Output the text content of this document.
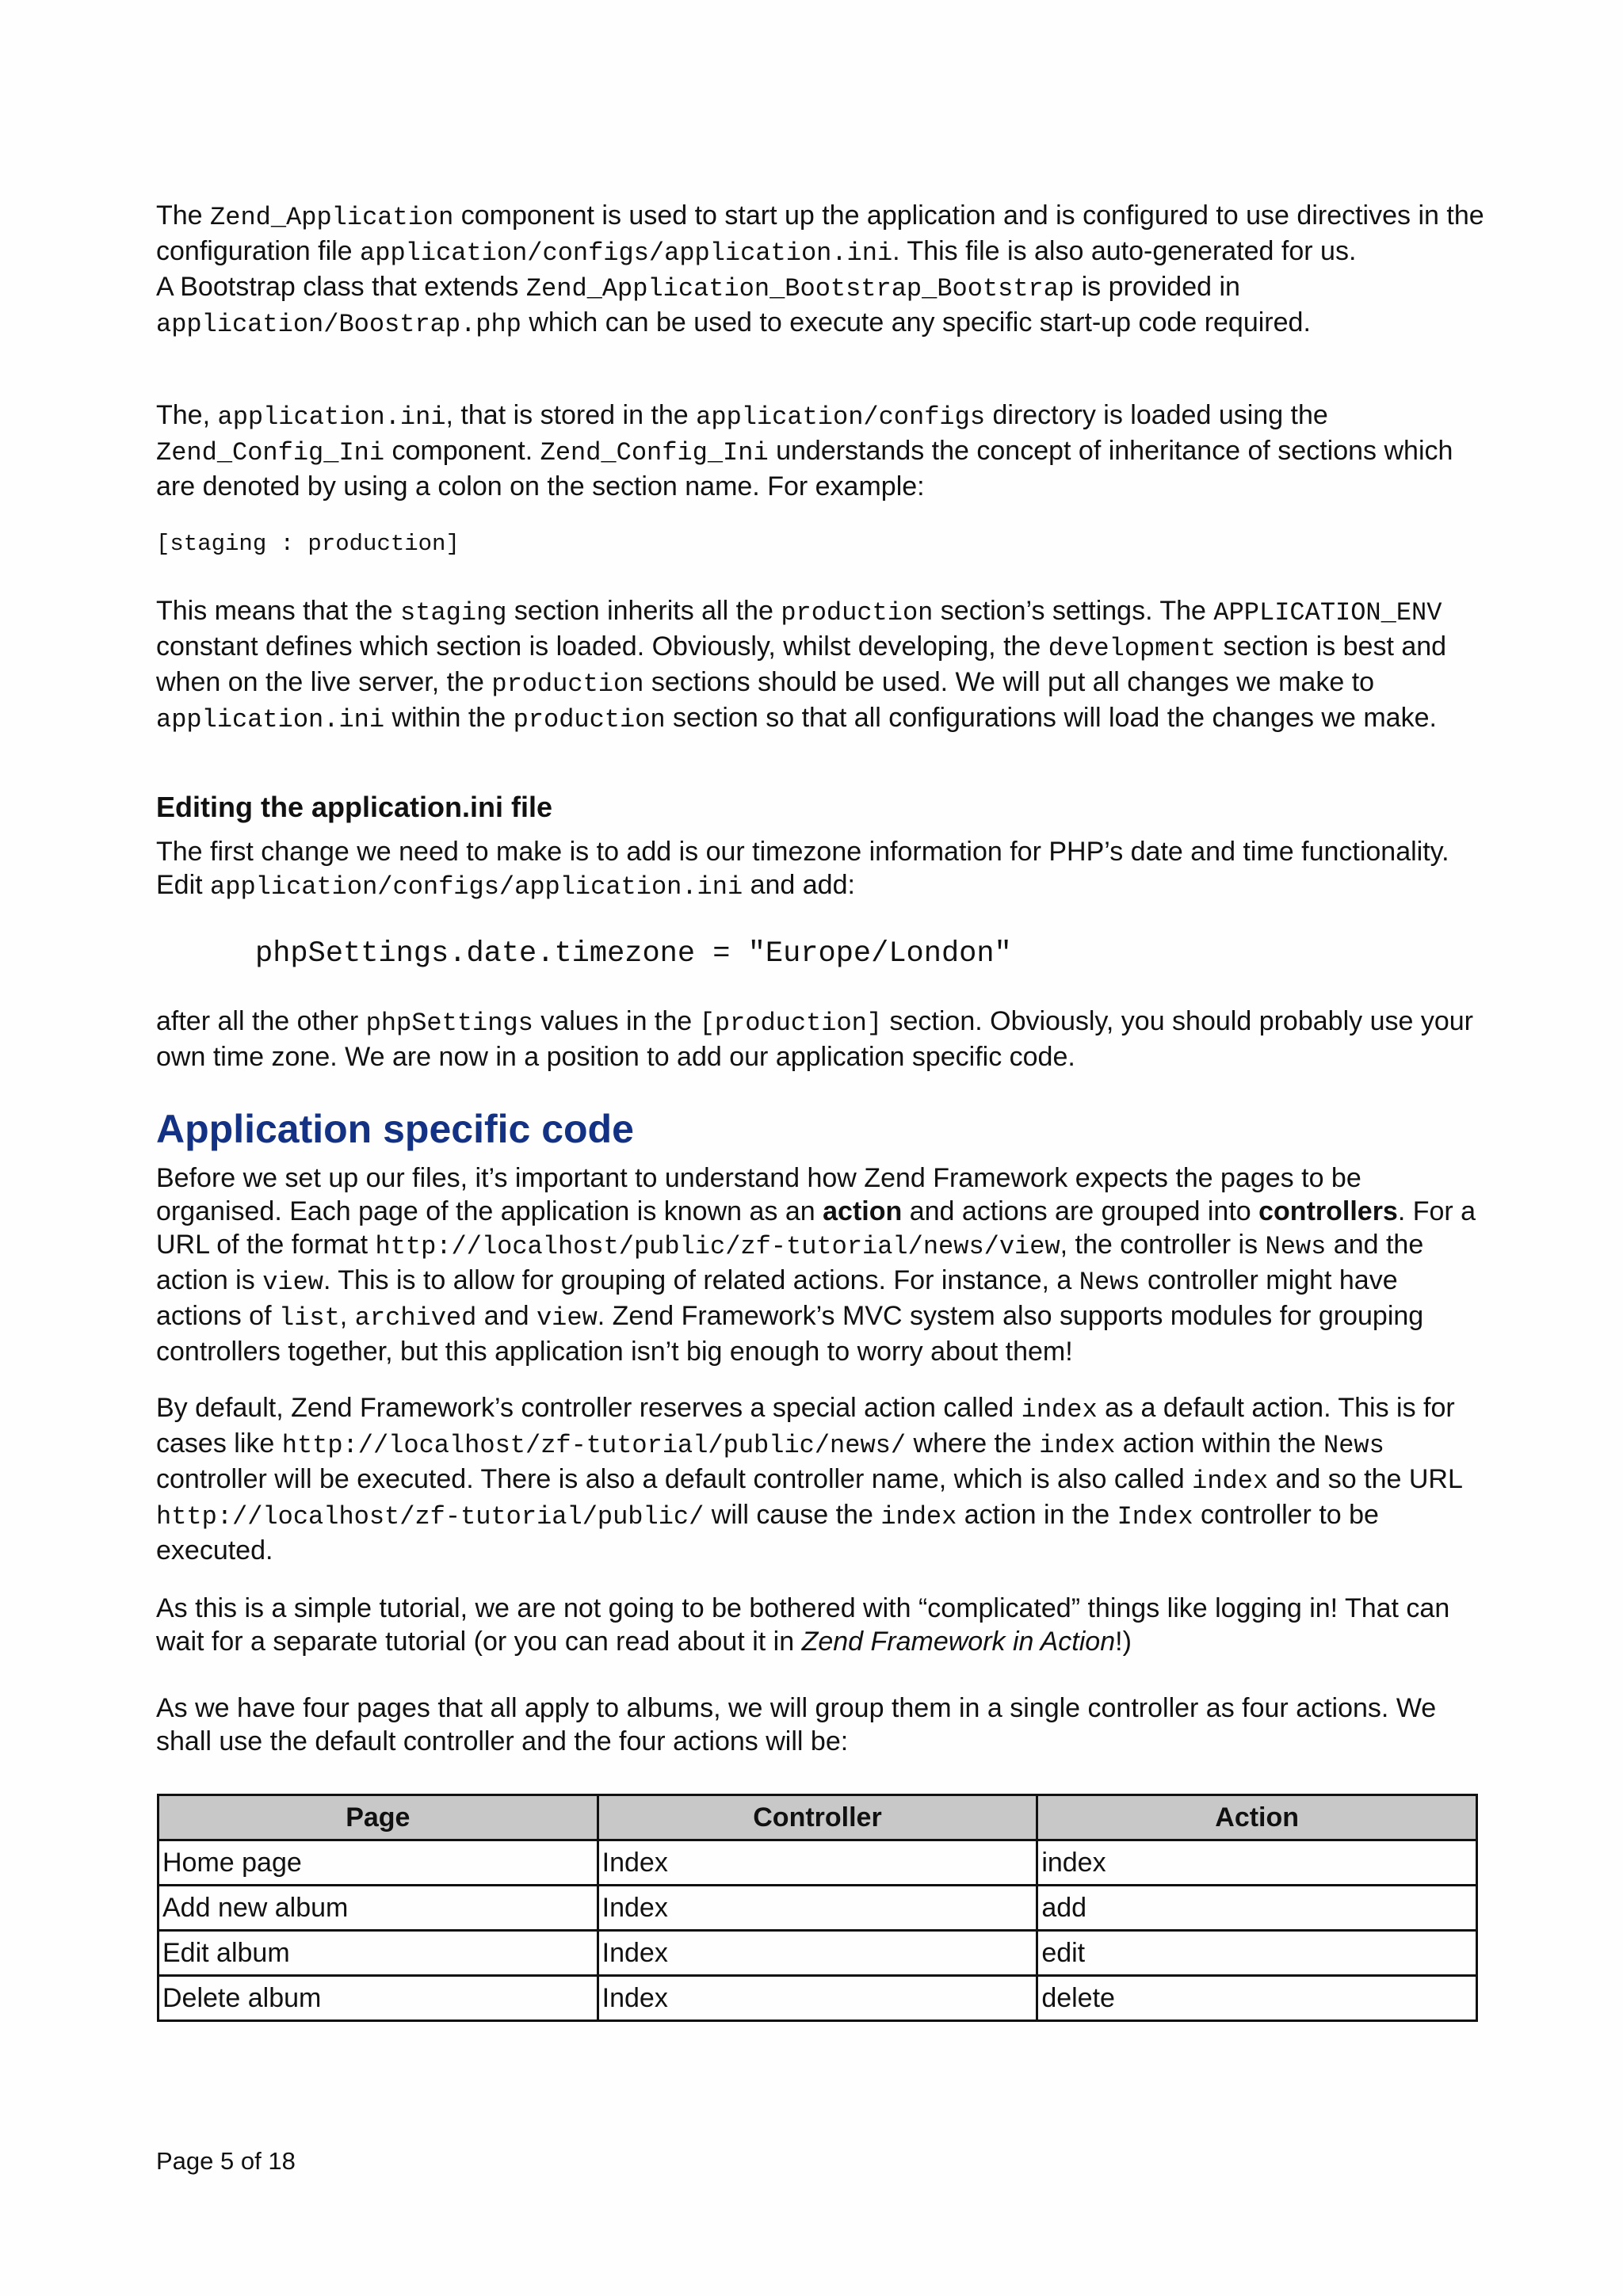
The Zend_Application component is used to start up the application and is configured to use directives in the configuration file application/configs/application.ini. This file is also auto-generated for us.
A Bootstrap class that extends Zend_Application_Bootstrap_Bootstrap is provided in application/Boostrap.php which can be used to execute any specific start-up code required.
The, application.ini, that is stored in the application/configs directory is loaded using the Zend_Config_Ini component. Zend_Config_Ini understands the concept of inheritance of sections which are denoted by using a colon on the section name. For example:
[staging : production]
This means that the staging section inherits all the production section’s settings. The APPLICATION_ENV constant defines which section is loaded. Obviously, whilst developing, the development section is best and when on the live server, the production sections should be used. We will put all changes we make to application.ini within the production section so that all configurations will load the changes we make.
Editing the application.ini file
The first change we need to make is to add is our timezone information for PHP’s date and time functionality. Edit application/configs/application.ini and add:
phpSettings.date.timezone = "Europe/London"
after all the other phpSettings values in the [production] section. Obviously, you should probably use your own time zone. We are now in a position to add our application specific code.
Application specific code
Before we set up our files, it’s important to understand how Zend Framework expects the pages to be organised. Each page of the application is known as an action and actions are grouped into controllers. For a URL of the format http://localhost/public/zf-tutorial/news/view, the controller is News and the action is view. This is to allow for grouping of related actions. For instance, a News controller might have actions of list, archived and view. Zend Framework’s MVC system also supports modules for grouping controllers together, but this application isn’t big enough to worry about them!
By default, Zend Framework’s controller reserves a special action called index as a default action. This is for cases like http://localhost/zf-tutorial/public/news/ where the index action within the News controller will be executed. There is also a default controller name, which is also called index and so the URL http://localhost/zf-tutorial/public/ will cause the index action in the Index controller to be executed.
As this is a simple tutorial, we are not going to be bothered with “complicated” things like logging in! That can wait for a separate tutorial (or you can read about it in Zend Framework in Action!)
As we have four pages that all apply to albums, we will group them in a single controller as four actions. We shall use the default controller and the four actions will be:
Page	Controller	Action
Home page	Index	index
Add new album	Index	add
Edit album	Index	edit
Delete album	Index	delete
Page 5 of 18
